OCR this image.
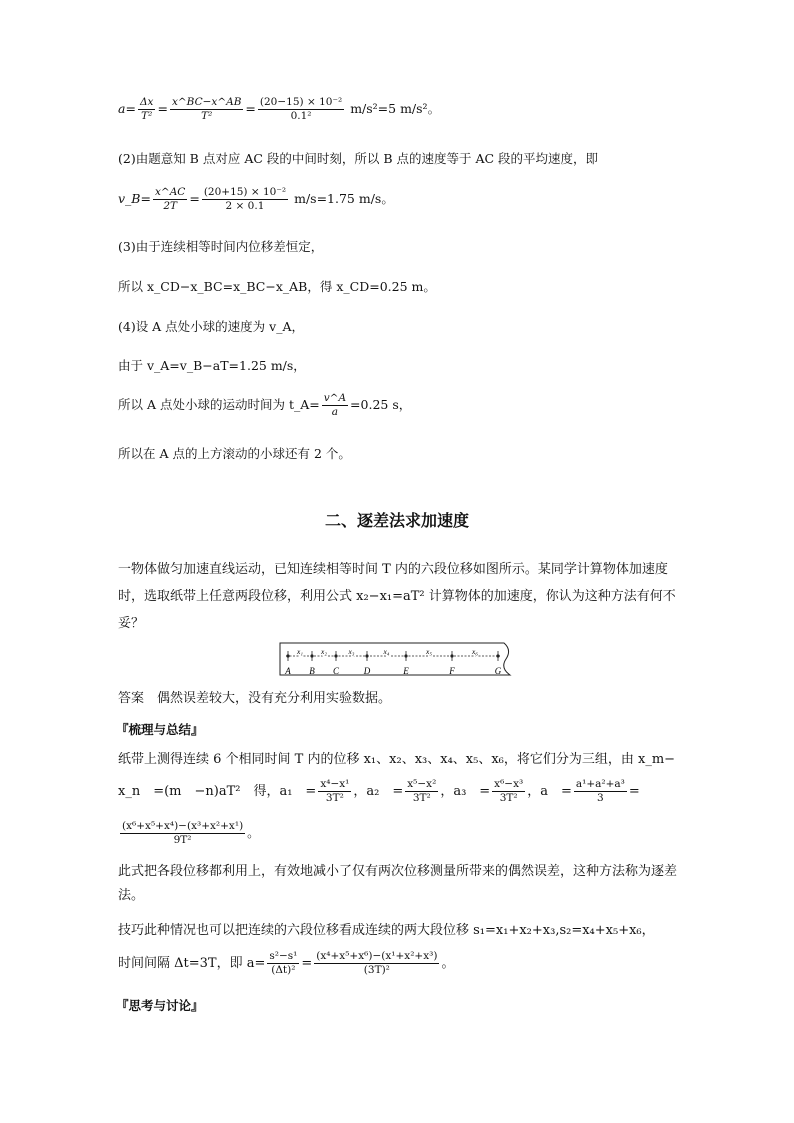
$a= \frac{\Delta x}{\text{T²}} = \frac{x\^{}BC-x\^{}AB}{\text{T²}} = \frac{\text{(20−15) × 10⁻²}}{\text{0.1²}} m/s^2=5$ m/s²。
(2)由题意知 B 点对应 AC 段的中间时刻，所以 B 点的速度等于 AC 段的平均速度，即
v_B= $\frac{x\^{}AC}{2T} = \frac{\text{(20+15) × 10⁻²}}{2 \times 0.1} m/s=1.75$ m/s。
(3)由于连续相等时间内位移差恒定，
所以 x_CD−x_BC=x_BC−x_AB，得 x_CD=0.25 m。
(4)设 A 点处小球的速度为 v_A，
由于 v_A=v_B−aT=1.25 m/s，
所以 A 点处小球的运动时间为 t_A= $\frac{v\^{}A}{a} =0.25$ s，
所以在 A 点的上方滚动的小球还有 2 个。
二、逐差法求加速度
一物体做匀加速直线运动，已知连续相等时间 T 内的六段位移如图所示。某同学计算物体加速度时，选取纸带上任意两段位移，利用公式 x₂−x₁=aT² 计算物体的加速度，你认为这种方法有何不妥？
A B C	D	E	F	G
x₁ x₂	x₃	x₄	x₅	x₆
答案　偶然误差较大，没有充分利用实验数据。
『梳理与总结』
纸带上测得连续 6 个相同时间 T 内的位移 x₁、x₂、x₃、x₄、x₅、x₆，将它们分为三组，由 x_m−
x_n　=(m　−n)aT²　得，a₁　= $\frac{\text{x⁴−x¹}}{\text{3T²}}$ ，a₂　= $\frac{\text{x⁵−x²}}{\text{3T²}}$ ，a₃　= $\frac{\text{x⁶−x³}}{\text{3T²}}$ ，a　= $\frac{\text{a¹+a²+a³}}{3}$ =
$\frac{\text{(x⁶+x⁵+x⁴)−(x³+x²+x¹)}}{\text{9T²}}$ 。
此式把各段位移都利用上，有效地减小了仅有两次位移测量所带来的偶然误差，这种方法称为逐差法。
技巧此种情况也可以把连续的六段位移看成连续的两大段位移 s₁=x₁+x₂+x₃,s₂=x₄+x₅+x₆，
时间间隔 Δt=3T，即 $a= \frac{\text{s²−s¹}}{\text{(Δt)²}} = \frac{\text{(x⁴+x⁵+x⁶)−(x¹+x²+x³)}}{\text{(3T)²}}$ 。
『思考与讨论』
